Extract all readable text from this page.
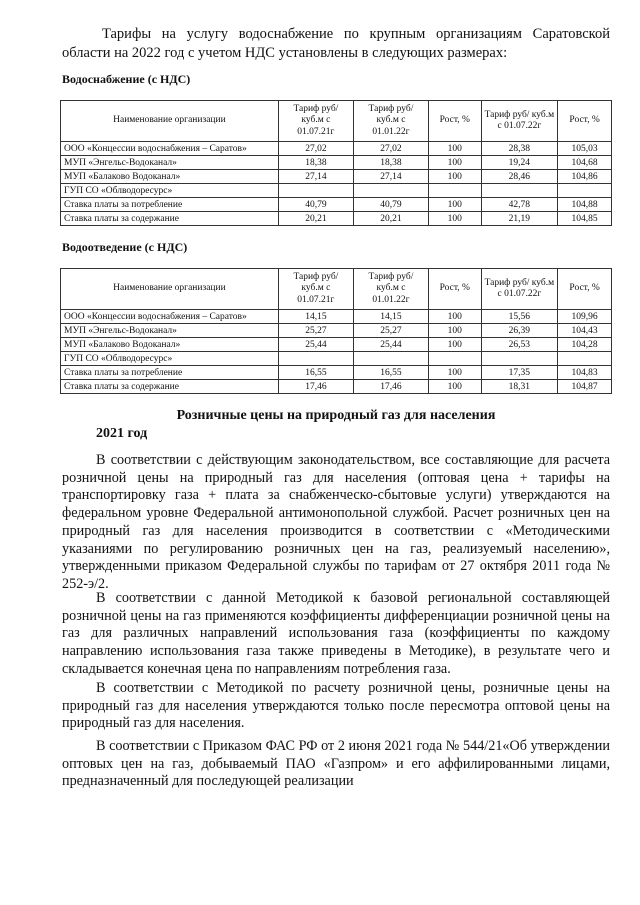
Тарифы на услугу водоснабжение по крупным организациям Саратовской области на 2022 год с учетом НДС установлены в следующих размерах:

Водоснабжение (с НДС)
Наименование организации	Тариф руб/ куб.м с 01.07.21г	Тариф руб/ куб.м с 01.01.22г	Рост, %	Тариф руб/ куб.м с 01.07.22г	Рост, %
ООО «Концессии водоснабжения – Саратов»	27,02	27,02	100	28,38	105,03
МУП «Энгельс-Водоканал»	18,38	18,38	100	19,24	104,68
МУП «Балаково Водоканал»	27,14	27,14	100	28,46	104,86
ГУП СО «Облводоресурс»					
Ставка платы за потребление	40,79	40,79	100	42,78	104,88
Ставка платы за содержание	20,21	20,21	100	21,19	104,85
Водоотведение (с НДС)
Наименование организации	Тариф руб/ куб.м с 01.07.21г	Тариф руб/ куб.м с 01.01.22г	Рост, %	Тариф руб/ куб.м с 01.07.22г	Рост, %
ООО «Концессии водоснабжения – Саратов»	14,15	14,15	100	15,56	109,96
МУП «Энгельс-Водоканал»	25,27	25,27	100	26,39	104,43
МУП «Балаково Водоканал»	25,44	25,44	100	26,53	104,28
ГУП СО «Облводоресурс»					
Ставка платы за потребление	16,55	16,55	100	17,35	104,83
Ставка платы за содержание	17,46	17,46	100	18,31	104,87
Розничные цены на природный газ для населения
2021 год

В соответствии с действующим законодательством, все составляющие для расчета розничной цены на природный газ для населения (оптовая цена + тарифы на транспортировку газа + плата за снабженческо-сбытовые услуги) утверждаются на федеральном уровне Федеральной антимонопольной службой. Расчет розничных цен на природный газ для населения производится в соответствии с «Методическими указаниями по регулированию розничных цен на газ, реализуемый населению», утвержденными приказом Федеральной службы по тарифам от 27 октября 2011 года № 252-э/2.

В соответствии с данной Методикой к базовой региональной составляющей розничной цены на газ применяются коэффициенты дифференциации розничной цены на газ для различных направлений использования газа (коэффициенты по каждому направлению использования газа также приведены в Методике), в результате чего и складывается конечная цена по направлениям потребления газа.

В соответствии с Методикой по расчету розничной цены, розничные цены на природный газ для населения утверждаются только после пересмотра оптовой цены на природный газ для населения.

В соответствии с Приказом ФАС РФ от 2 июня 2021 года № 544/21«Об утверждении оптовых цен на газ, добываемый ПАО «Газпром» и его аффилированными лицами, предназначенный для последующей реализации
